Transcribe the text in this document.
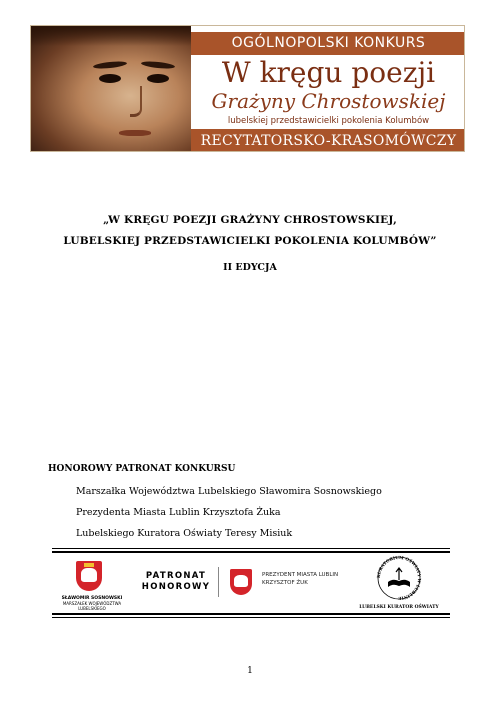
OGÓLNOPOLSKI KONKURS
W kręgu poezji
Grażyny Chrostowskiej
lubelskiej przedstawicielki pokolenia Kolumbów
RECYTATORSKO-KRASOMÓWCZY
„W KRĘGU POEZJI GRAŻYNY CHROSTOWSKIEJ,
LUBELSKIEJ PRZEDSTAWICIELKI POKOLENIA KOLUMBÓW”
II EDYCJA
HONOROWY PATRONAT KONKURSU
Marszałka Województwa Lubelskiego Sławomira Sosnowskiego
Prezydenta Miasta Lublin Krzysztofa Żuka
Lubelskiego Kuratora Oświaty Teresy Misiuk
SŁAWOMIR SOSNOWSKI
MARSZAŁEK WOJEWÓDZTWA LUBELSKIEGO
PATRONAT
HONOROWY
PREZYDENT MIASTA LUBLIN
KRZYSZTOF ŻUK
KURATORIUM OŚWIATY W LUBLINIE
LUBELSKI KURATOR OŚWIATY
1
